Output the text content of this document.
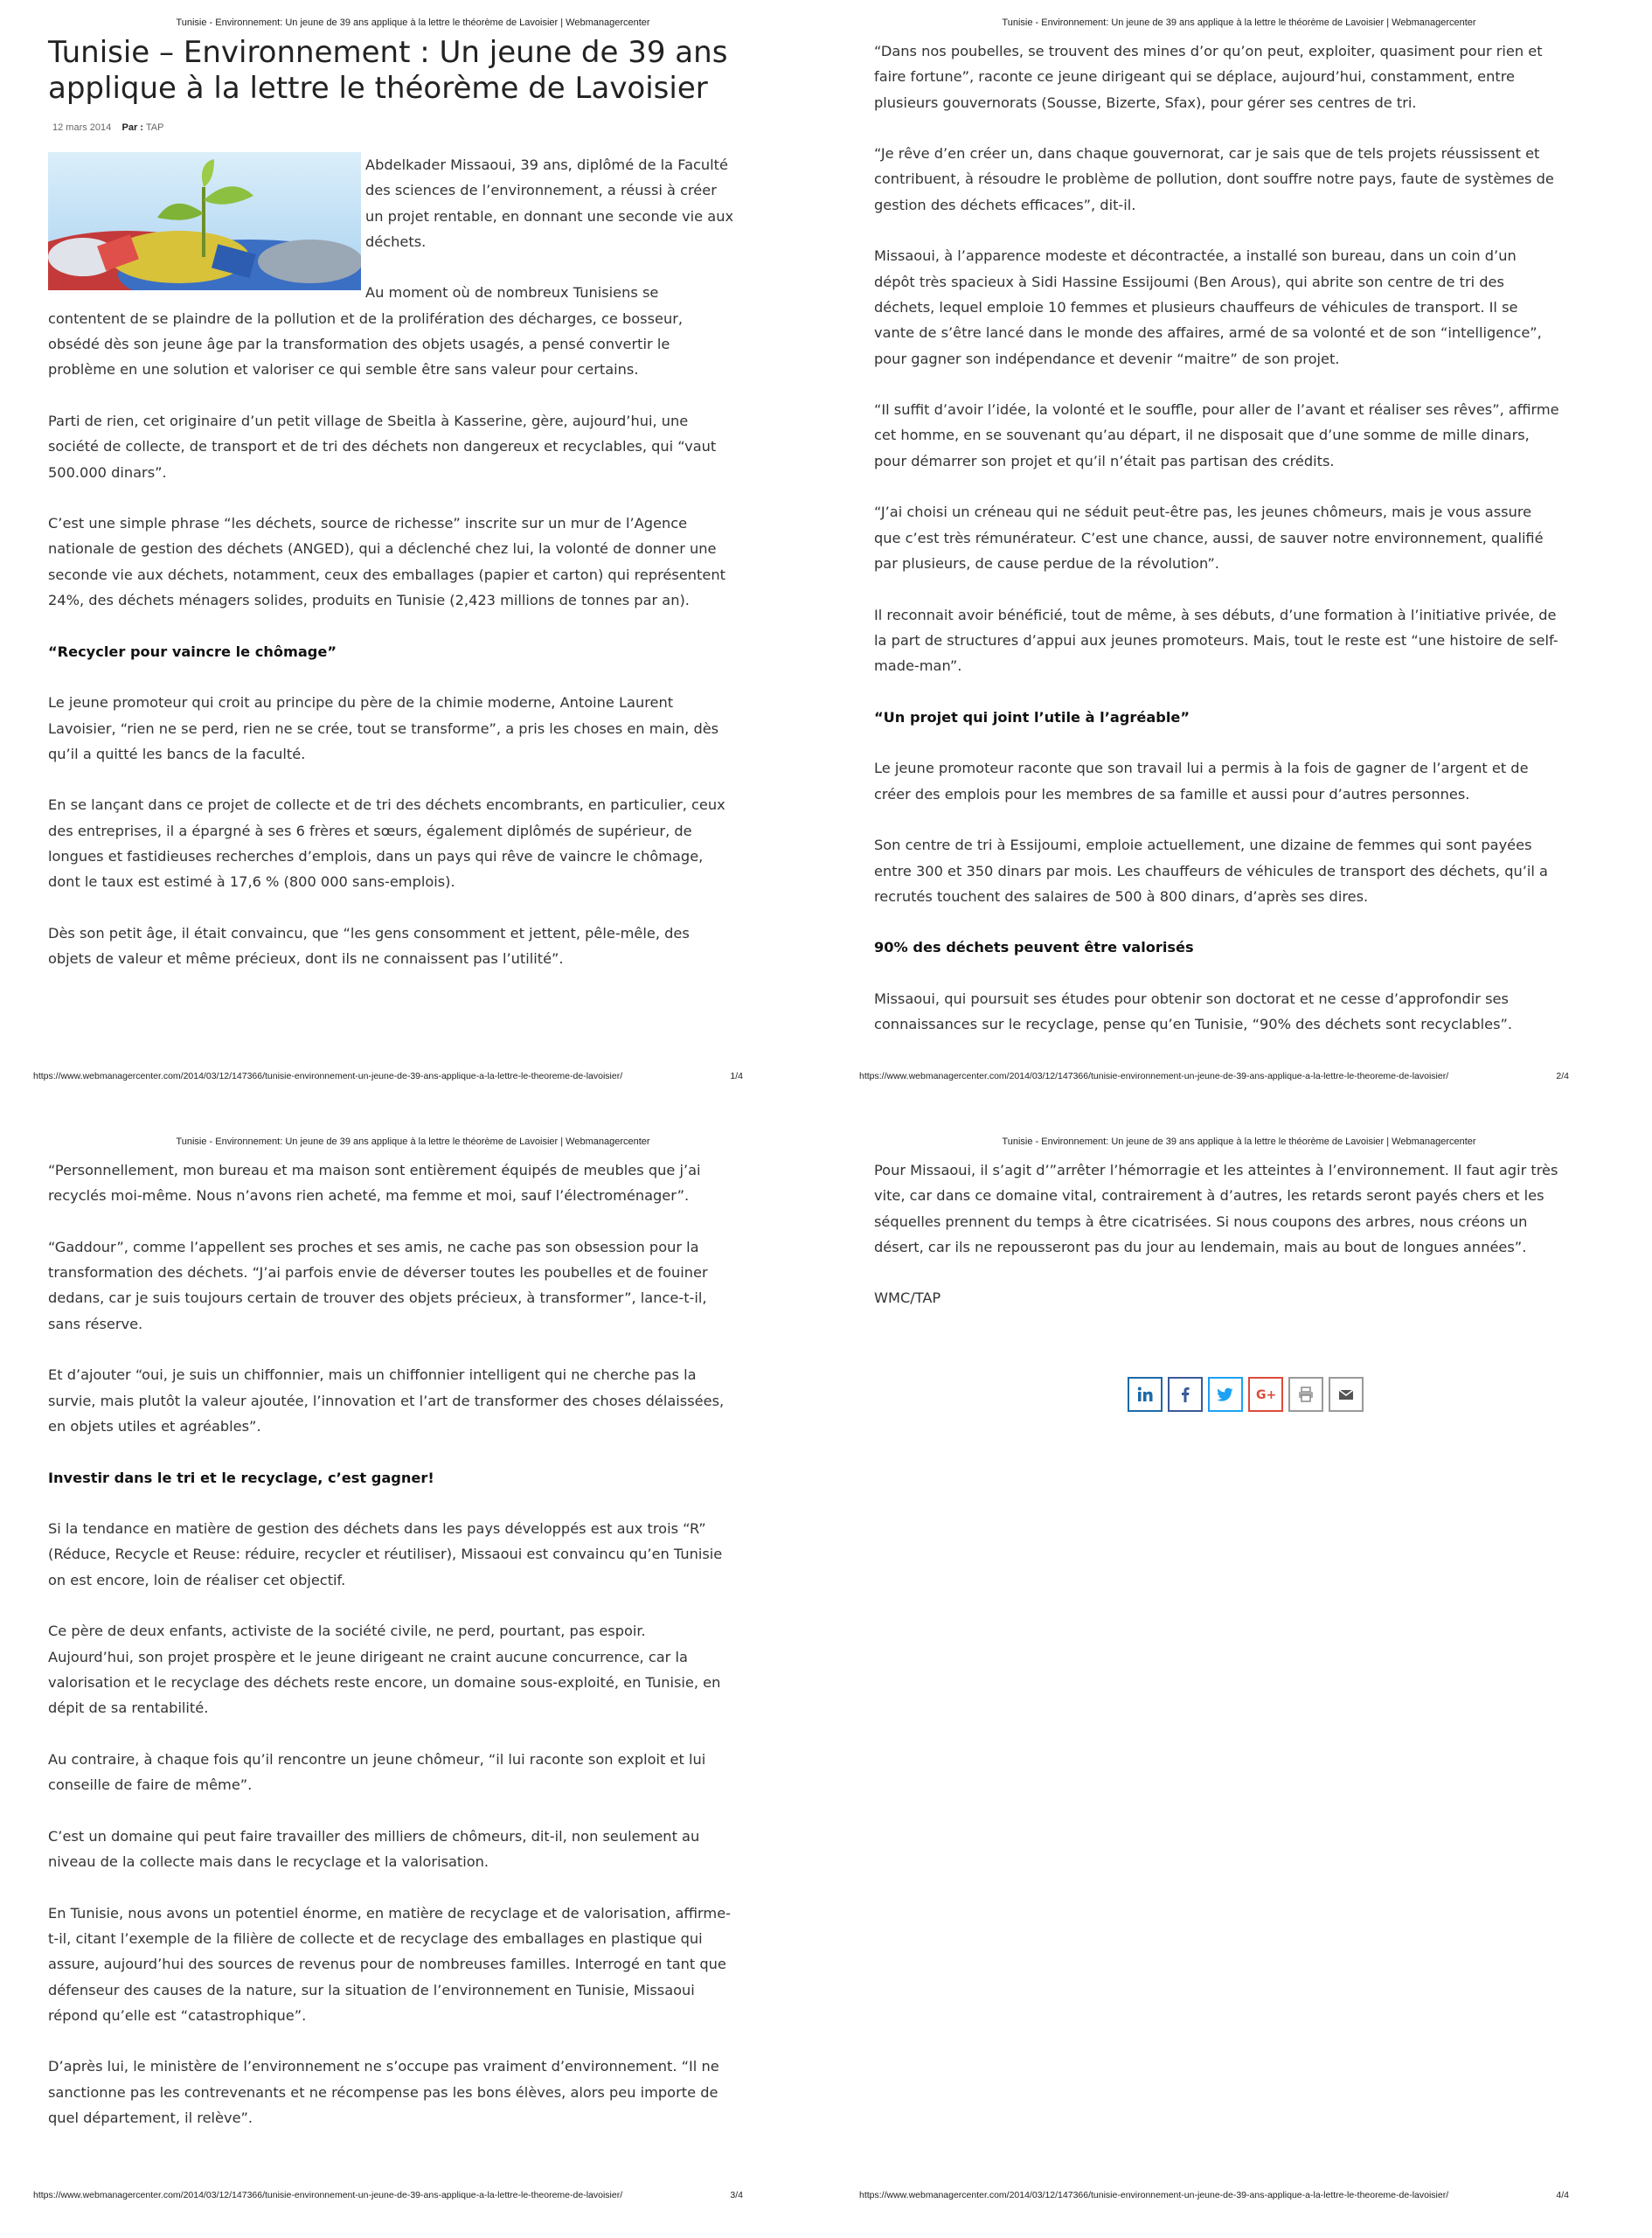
Tunisie - Environnement: Un jeune de 39 ans applique à la lettre le théorème de Lavoisier | Webmanagercenter
Tunisie – Environnement : Un jeune de 39 ans applique à la lettre le théorème de Lavoisier
12 mars 2014 Par : TAP

Abdelkader Missaoui, 39 ans, diplômé de la Faculté des sciences de l’environnement, a réussi à créer un projet rentable, en donnant une seconde vie aux déchets.

Au moment où de nombreux Tunisiens se contentent de se plaindre de la pollution et de la prolifération des décharges, ce bosseur, obsédé dès son jeune âge par la transformation des objets usagés, a pensé convertir le problème en une solution et valoriser ce qui semble être sans valeur pour certains.

Parti de rien, cet originaire d’un petit village de Sbeitla à Kasserine, gère, aujourd’hui, une société de collecte, de transport et de tri des déchets non dangereux et recyclables, qui “vaut 500.000 dinars”.

C’est une simple phrase “les déchets, source de richesse” inscrite sur un mur de l’Agence nationale de gestion des déchets (ANGED), qui a déclenché chez lui, la volonté de donner une seconde vie aux déchets, notamment, ceux des emballages (papier et carton) qui représentent 24%, des déchets ménagers solides, produits en Tunisie (2,423 millions de tonnes par an).

“Recycler pour vaincre le chômage”

Le jeune promoteur qui croit au principe du père de la chimie moderne, Antoine Laurent Lavoisier, “rien ne se perd, rien ne se crée, tout se transforme”, a pris les choses en main, dès qu’il a quitté les bancs de la faculté.

En se lançant dans ce projet de collecte et de tri des déchets encombrants, en particulier, ceux des entreprises, il a épargné à ses 6 frères et sœurs, également diplômés de supérieur, de longues et fastidieuses recherches d’emplois, dans un pays qui rêve de vaincre le chômage, dont le taux est estimé à 17,6 % (800 000 sans-emplois).

Dès son petit âge, il était convaincu, que “les gens consomment et jettent, pêle-mêle, des objets de valeur et même précieux, dont ils ne connaissent pas l’utilité”.

https://www.webmanagercenter.com/2014/03/12/147366/tunisie-environnement-un-jeune-de-39-ans-applique-a-la-lettre-le-theoreme-de-lavoisier/	1/4
Tunisie - Environnement: Un jeune de 39 ans applique à la lettre le théorème de Lavoisier | Webmanagercenter

“Dans nos poubelles, se trouvent des mines d’or qu’on peut, exploiter, quasiment pour rien et faire fortune”, raconte ce jeune dirigeant qui se déplace, aujourd’hui, constamment, entre plusieurs gouvernorats (Sousse, Bizerte, Sfax), pour gérer ses centres de tri.

“Je rêve d’en créer un, dans chaque gouvernorat, car je sais que de tels projets réussissent et contribuent, à résoudre le problème de pollution, dont souffre notre pays, faute de systèmes de gestion des déchets efficaces”, dit-il.

Missaoui, à l’apparence modeste et décontractée, a installé son bureau, dans un coin d’un dépôt très spacieux à Sidi Hassine Essijoumi (Ben Arous), qui abrite son centre de tri des déchets, lequel emploie 10 femmes et plusieurs chauffeurs de véhicules de transport. Il se vante de s’être lancé dans le monde des affaires, armé de sa volonté et de son “intelligence”, pour gagner son indépendance et devenir “maitre” de son projet.

“Il suffit d’avoir l’idée, la volonté et le souffle, pour aller de l’avant et réaliser ses rêves”, affirme cet homme, en se souvenant qu’au départ, il ne disposait que d’une somme de mille dinars, pour démarrer son projet et qu’il n’était pas partisan des crédits.

“J’ai choisi un créneau qui ne séduit peut-être pas, les jeunes chômeurs, mais je vous assure que c’est très rémunérateur. C’est une chance, aussi, de sauver notre environnement, qualifié par plusieurs, de cause perdue de la révolution”.

Il reconnait avoir bénéficié, tout de même, à ses débuts, d’une formation à l’initiative privée, de la part de structures d’appui aux jeunes promoteurs. Mais, tout le reste est “une histoire de self-made-man”.

“Un projet qui joint l’utile à l’agréable”

Le jeune promoteur raconte que son travail lui a permis à la fois de gagner de l’argent et de créer des emplois pour les membres de sa famille et aussi pour d’autres personnes.

Son centre de tri à Essijoumi, emploie actuellement, une dizaine de femmes qui sont payées entre 300 et 350 dinars par mois. Les chauffeurs de véhicules de transport des déchets, qu’il a recrutés touchent des salaires de 500 à 800 dinars, d’après ses dires.

90% des déchets peuvent être valorisés

Missaoui, qui poursuit ses études pour obtenir son doctorat et ne cesse d’approfondir ses connaissances sur le recyclage, pense qu’en Tunisie, “90% des déchets sont recyclables”.

https://www.webmanagercenter.com/2014/03/12/147366/tunisie-environnement-un-jeune-de-39-ans-applique-a-la-lettre-le-theoreme-de-lavoisier/	2/4
Tunisie - Environnement: Un jeune de 39 ans applique à la lettre le théorème de Lavoisier | Webmanagercenter

“Personnellement, mon bureau et ma maison sont entièrement équipés de meubles que j’ai recyclés moi-même. Nous n’avons rien acheté, ma femme et moi, sauf l’électroménager”.

“Gaddour”, comme l’appellent ses proches et ses amis, ne cache pas son obsession pour la transformation des déchets. “J’ai parfois envie de déverser toutes les poubelles et de fouiner dedans, car je suis toujours certain de trouver des objets précieux, à transformer”, lance-t-il, sans réserve.

Et d’ajouter “oui, je suis un chiffonnier, mais un chiffonnier intelligent qui ne cherche pas la survie, mais plutôt la valeur ajoutée, l’innovation et l’art de transformer des choses délaissées, en objets utiles et agréables”.

Investir dans le tri et le recyclage, c’est gagner!

Si la tendance en matière de gestion des déchets dans les pays développés est aux trois “R” (Réduce, Recycle et Reuse: réduire, recycler et réutiliser), Missaoui est convaincu qu’en Tunisie on est encore, loin de réaliser cet objectif.

Ce père de deux enfants, activiste de la société civile, ne perd, pourtant, pas espoir. Aujourd’hui, son projet prospère et le jeune dirigeant ne craint aucune concurrence, car la valorisation et le recyclage des déchets reste encore, un domaine sous-exploité, en Tunisie, en dépit de sa rentabilité.

Au contraire, à chaque fois qu’il rencontre un jeune chômeur, “il lui raconte son exploit et lui conseille de faire de même”.

C’est un domaine qui peut faire travailler des milliers de chômeurs, dit-il, non seulement au niveau de la collecte mais dans le recyclage et la valorisation.

En Tunisie, nous avons un potentiel énorme, en matière de recyclage et de valorisation, affirme-t-il, citant l’exemple de la filière de collecte et de recyclage des emballages en plastique qui assure, aujourd’hui des sources de revenus pour de nombreuses familles. Interrogé en tant que défenseur des causes de la nature, sur la situation de l’environnement en Tunisie, Missaoui répond qu’elle est “catastrophique”.

D’après lui, le ministère de l’environnement ne s’occupe pas vraiment d’environnement. “Il ne sanctionne pas les contrevenants et ne récompense pas les bons élèves, alors peu importe de quel département, il relève”.

https://www.webmanagercenter.com/2014/03/12/147366/tunisie-environnement-un-jeune-de-39-ans-applique-a-la-lettre-le-theoreme-de-lavoisier/	3/4
Tunisie - Environnement: Un jeune de 39 ans applique à la lettre le théorème de Lavoisier | Webmanagercenter

Pour Missaoui, il s’agit d’”arrêter l’hémorragie et les atteintes à l’environnement. Il faut agir très vite, car dans ce domaine vital, contrairement à d’autres, les retards seront payés chers et les séquelles prennent du temps à être cicatrisées. Si nous coupons des arbres, nous créons un désert, car ils ne repousseront pas du jour au lendemain, mais au bout de longues années”.

WMC/TAP

G+
https://www.webmanagercenter.com/2014/03/12/147366/tunisie-environnement-un-jeune-de-39-ans-applique-a-la-lettre-le-theoreme-de-lavoisier/	4/4
